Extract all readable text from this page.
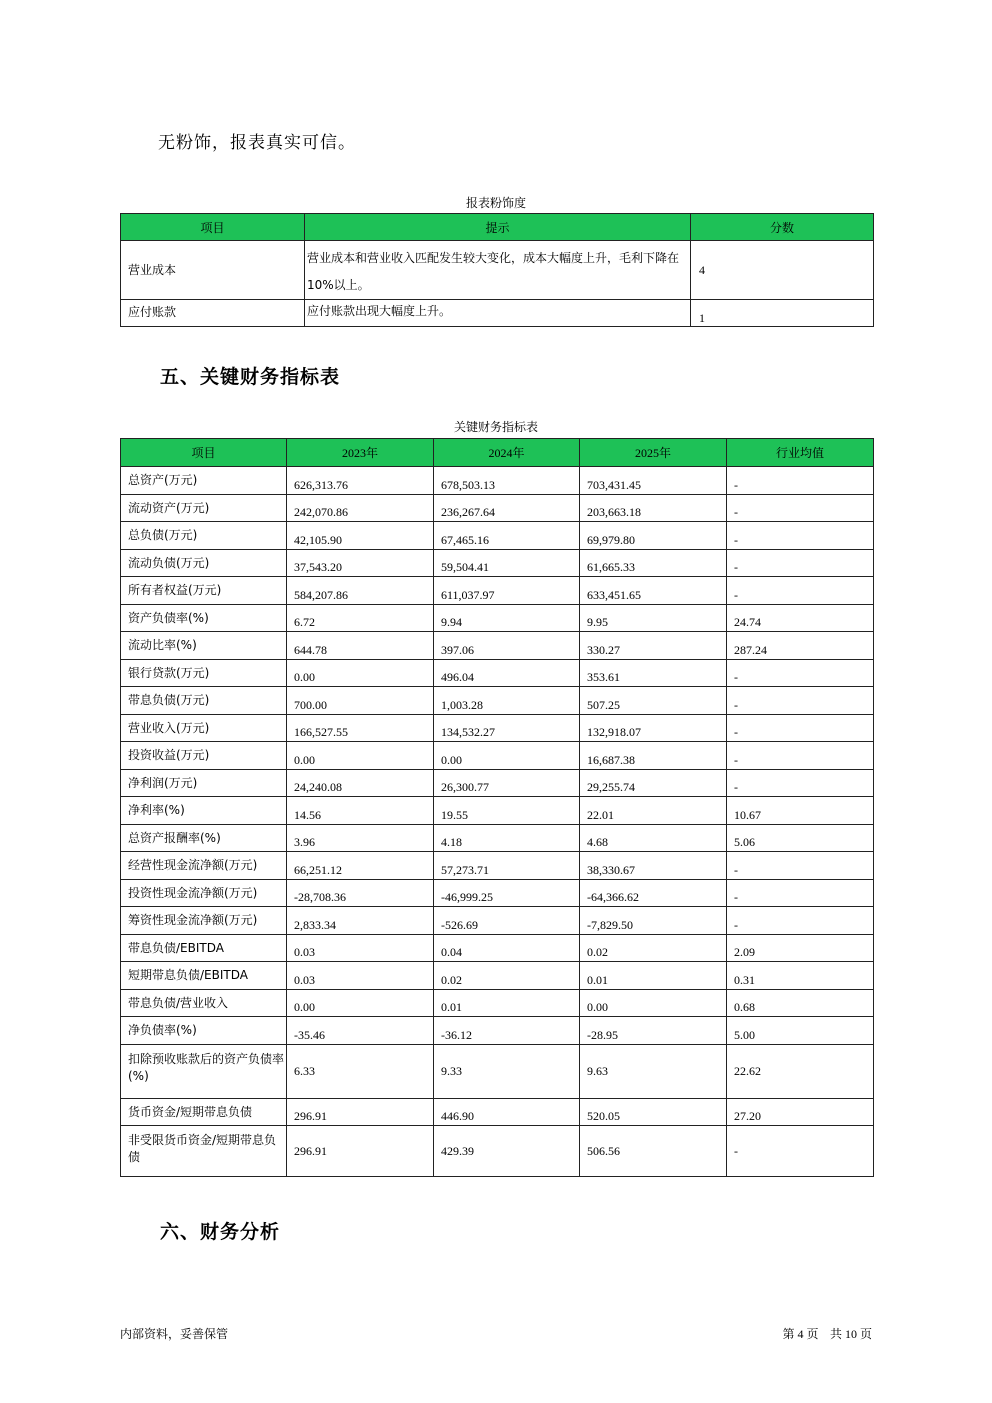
无粉饰，报表真实可信。
报表粉饰度
项目	提示	分数
营业成本	营业成本和营业收入匹配发生较大变化，成本大幅度上升，毛利下降在10%以上。	4
应付账款	应付账款出现大幅度上升。	1
五、关键财务指标表
关键财务指标表
项目	2023年	2024年	2025年	行业均值
总资产(万元)	626,313.76	678,503.13	703,431.45	-
流动资产(万元)	242,070.86	236,267.64	203,663.18	-
总负债(万元)	42,105.90	67,465.16	69,979.80	-
流动负债(万元)	37,543.20	59,504.41	61,665.33	-
所有者权益(万元)	584,207.86	611,037.97	633,451.65	-
资产负债率(%)	6.72	9.94	9.95	24.74
流动比率(%)	644.78	397.06	330.27	287.24
银行贷款(万元)	0.00	496.04	353.61	-
带息负债(万元)	700.00	1,003.28	507.25	-
营业收入(万元)	166,527.55	134,532.27	132,918.07	-
投资收益(万元)	0.00	0.00	16,687.38	-
净利润(万元)	24,240.08	26,300.77	29,255.74	-
净利率(%)	14.56	19.55	22.01	10.67
总资产报酬率(%)	3.96	4.18	4.68	5.06
经营性现金流净额(万元)	66,251.12	57,273.71	38,330.67	-
投资性现金流净额(万元)	-28,708.36	-46,999.25	-64,366.62	-
筹资性现金流净额(万元)	2,833.34	-526.69	-7,829.50	-
带息负债/EBITDA	0.03	0.04	0.02	2.09
短期带息负债/EBITDA	0.03	0.02	0.01	0.31
带息负债/营业收入	0.00	0.01	0.00	0.68
净负债率(%)	-35.46	-36.12	-28.95	5.00
扣除预收账款后的资产负债率(%)	6.33	9.33	9.63	22.62
货币资金/短期带息负债	296.91	446.90	520.05	27.20
非受限货币资金/短期带息负债	296.91	429.39	506.56	-
六、财务分析
内部资料，妥善保管	第 4 页   共 10 页
